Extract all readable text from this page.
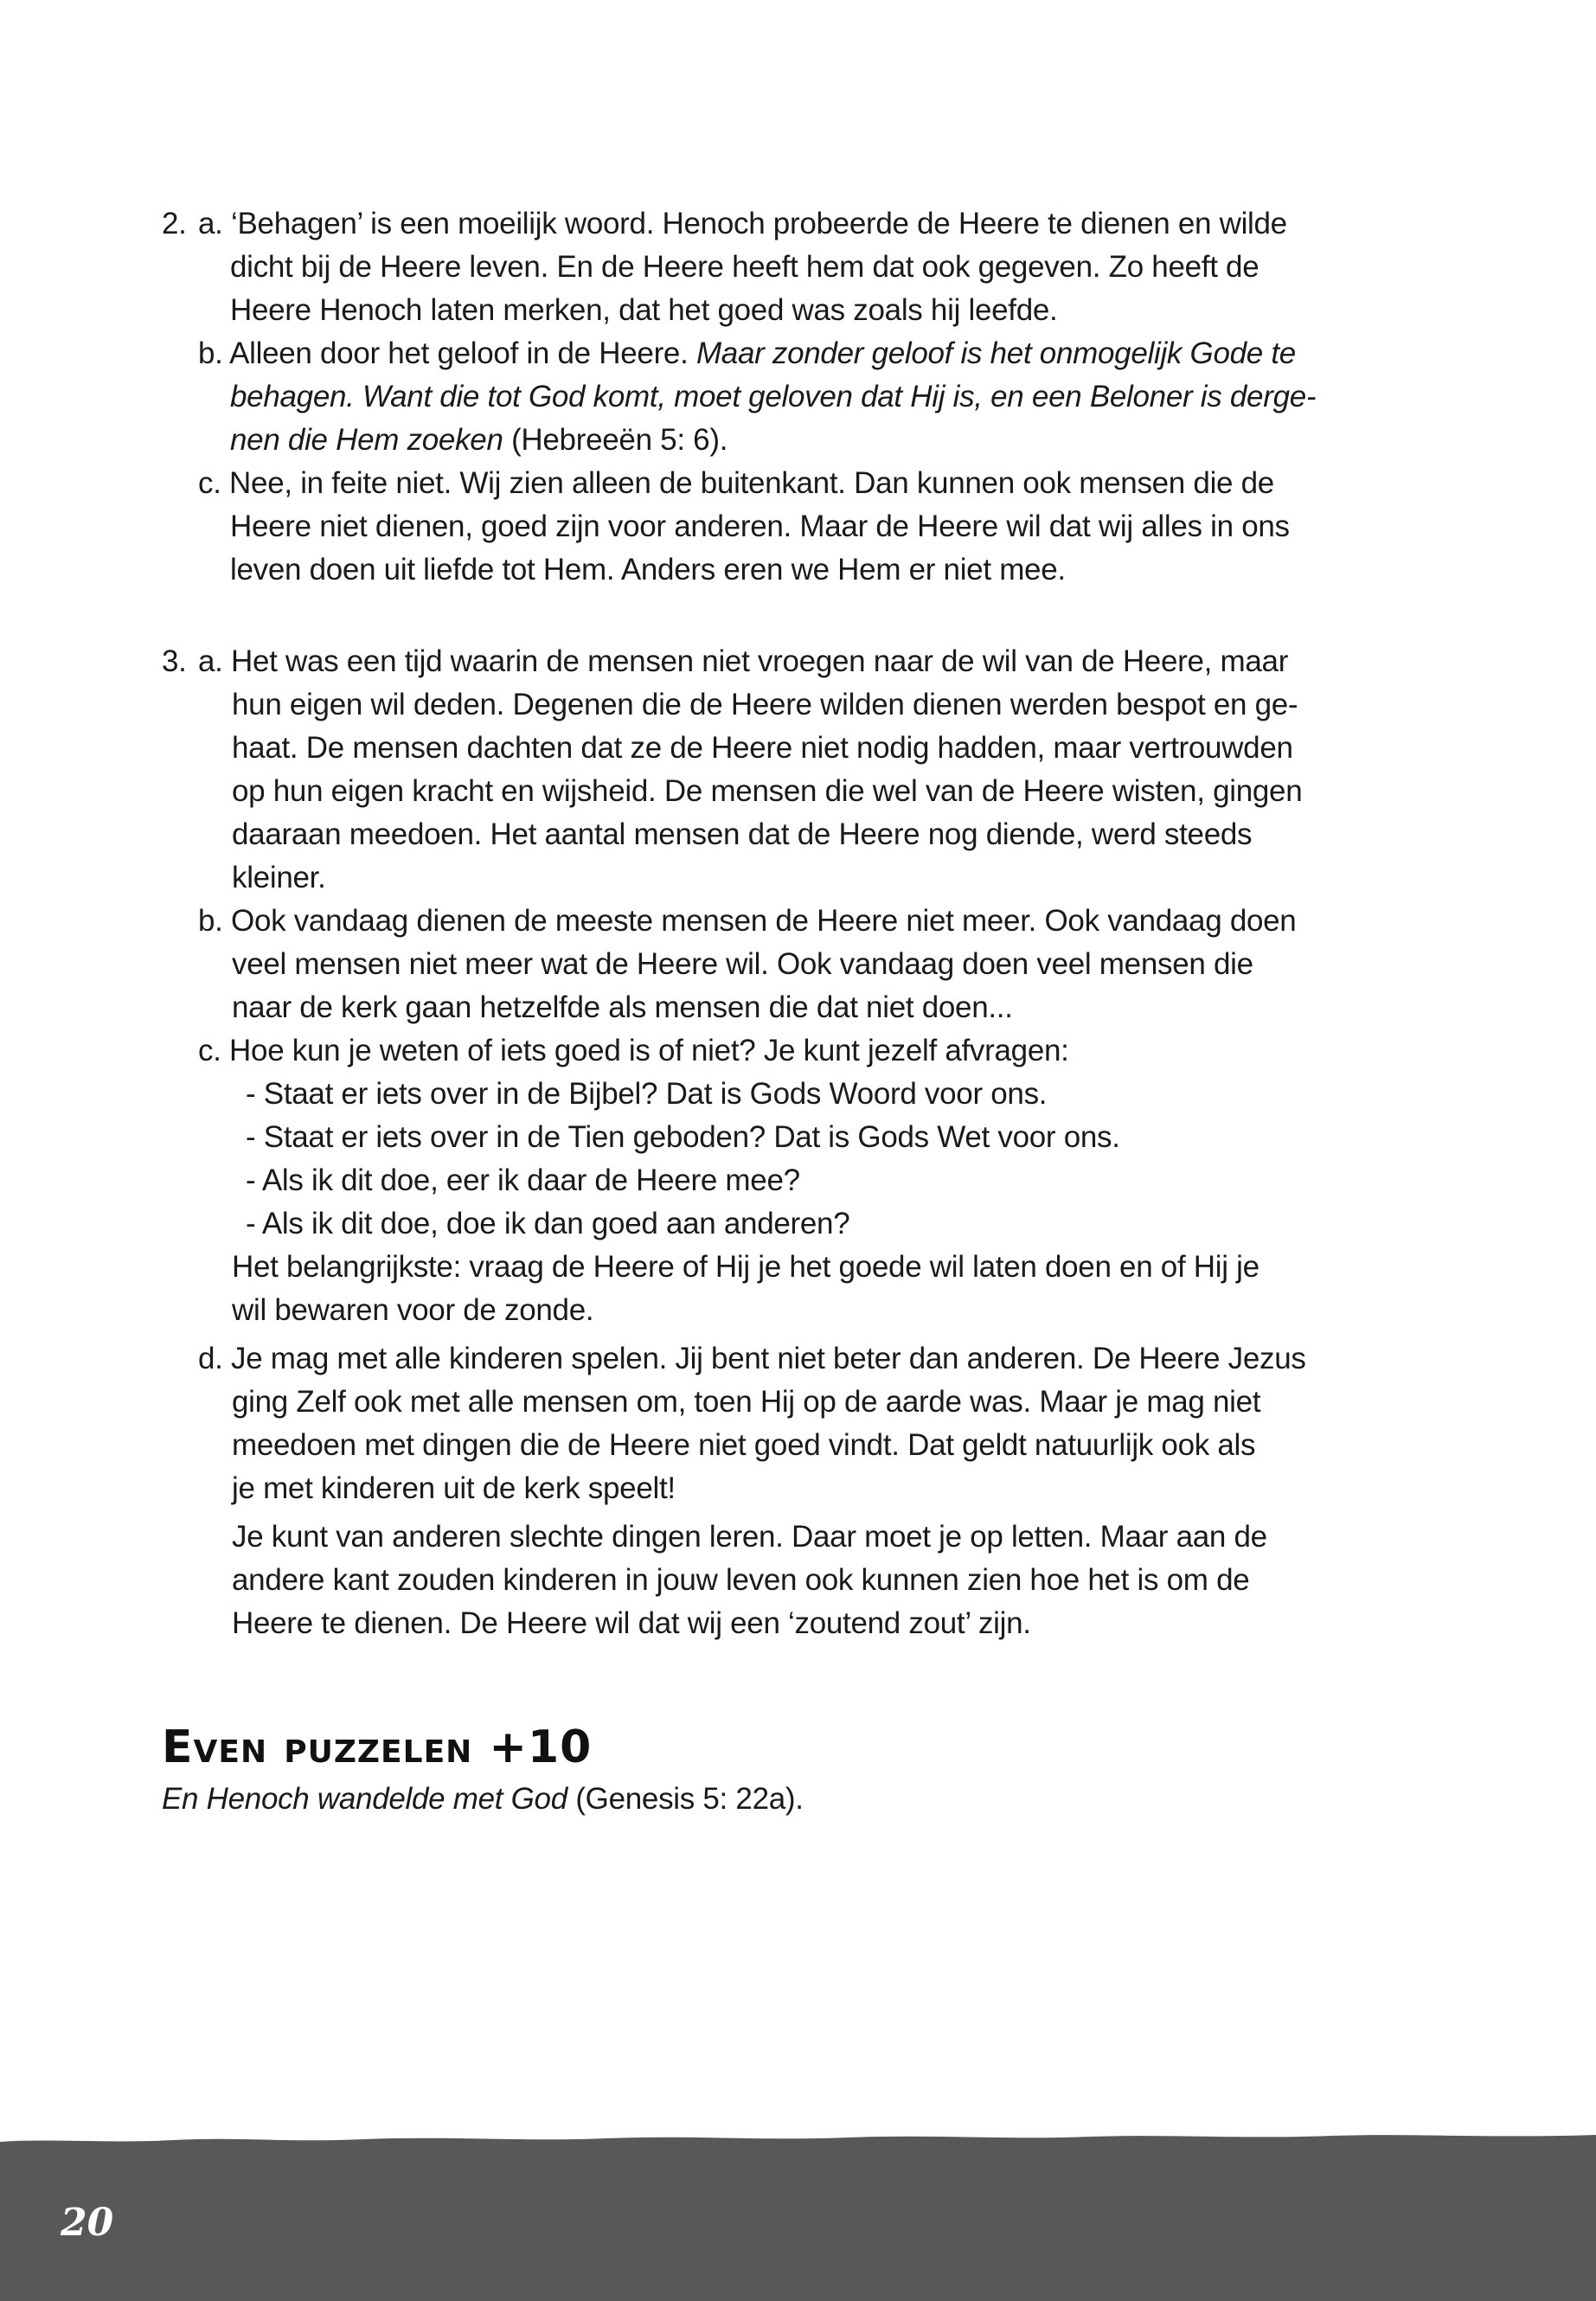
2. a. ‘Behagen’ is een moeilijk woord. Henoch probeerde de Heere te dienen en wilde
dicht bij de Heere leven. En de Heere heeft hem dat ook gegeven. Zo heeft de
Heere Henoch laten merken, dat het goed was zoals hij leefde.
b. Alleen door het geloof in de Heere. Maar zonder geloof is het onmogelijk Gode te
behagen. Want die tot God komt, moet geloven dat Hij is, en een Beloner is derge-
nen die Hem zoeken (Hebreeën 5: 6).
c. Nee, in feite niet. Wij zien alleen de buitenkant. Dan kunnen ook mensen die de
Heere niet dienen, goed zijn voor anderen. Maar de Heere wil dat wij alles in ons
leven doen uit liefde tot Hem. Anders eren we Hem er niet mee.
3. a. Het was een tijd waarin de mensen niet vroegen naar de wil van de Heere, maar
hun eigen wil deden. Degenen die de Heere wilden dienen werden bespot en ge-
haat. De mensen dachten dat ze de Heere niet nodig hadden, maar vertrouwden
op hun eigen kracht en wijsheid. De mensen die wel van de Heere wisten, gingen
daaraan meedoen. Het aantal mensen dat de Heere nog diende, werd steeds
kleiner.
b. Ook vandaag dienen de meeste mensen de Heere niet meer. Ook vandaag doen
veel mensen niet meer wat de Heere wil. Ook vandaag doen veel mensen die
naar de kerk gaan hetzelfde als mensen die dat niet doen...
c. Hoe kun je weten of iets goed is of niet? Je kunt jezelf afvragen:
- Staat er iets over in de Bijbel? Dat is Gods Woord voor ons.
- Staat er iets over in de Tien geboden? Dat is Gods Wet voor ons.
- Als ik dit doe, eer ik daar de Heere mee?
- Als ik dit doe, doe ik dan goed aan anderen?
Het belangrijkste: vraag de Heere of Hij je het goede wil laten doen en of Hij je
wil bewaren voor de zonde.
d. Je mag met alle kinderen spelen. Jij bent niet beter dan anderen. De Heere Jezus
ging Zelf ook met alle mensen om, toen Hij op de aarde was. Maar je mag niet
meedoen met dingen die de Heere niet goed vindt. Dat geldt natuurlijk ook als
je met kinderen uit de kerk speelt!
Je kunt van anderen slechte dingen leren. Daar moet je op letten. Maar aan de
andere kant zouden kinderen in jouw leven ook kunnen zien hoe het is om de
Heere te dienen. De Heere wil dat wij een ‘zoutend zout’ zijn.
Even puzzelen +10
En Henoch wandelde met God (Genesis 5: 22a).
20
